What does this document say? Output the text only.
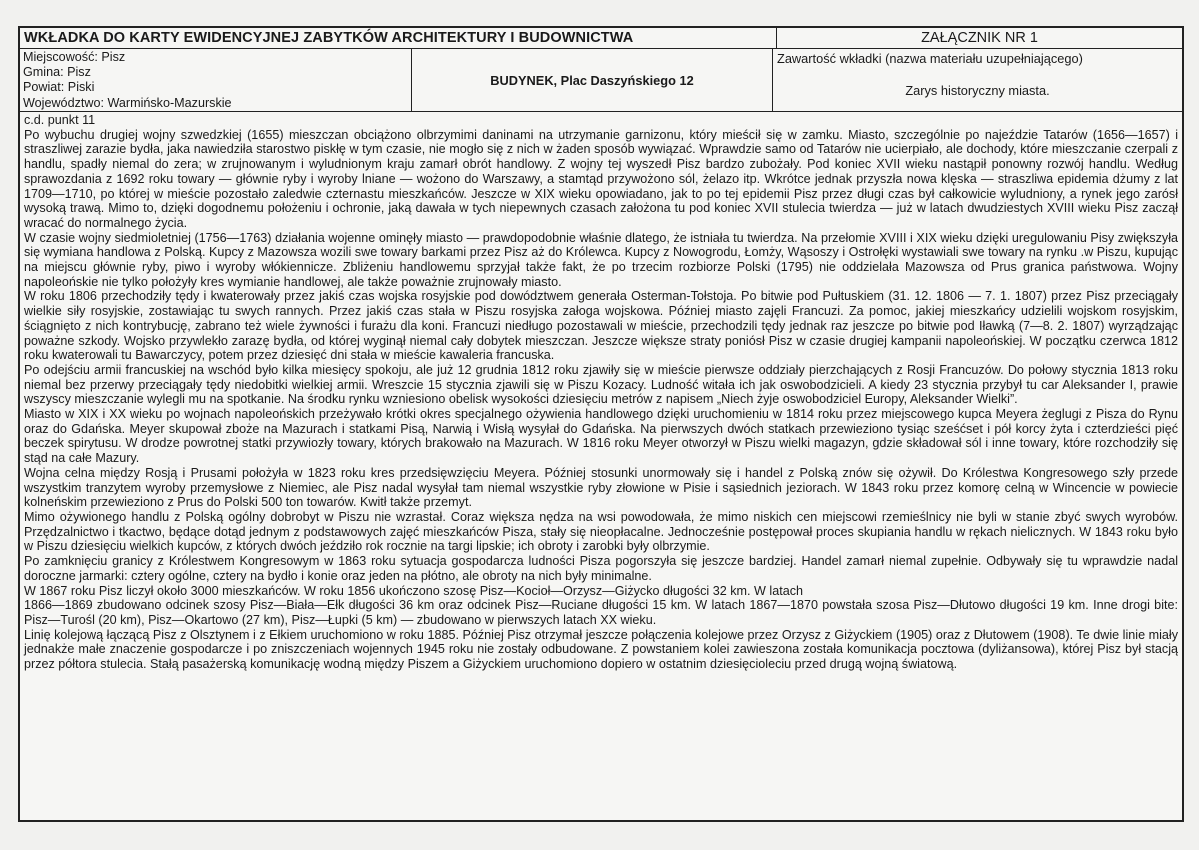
WKŁADKA DO KARTY EWIDENCYJNEJ ZABYTKÓW ARCHITEKTURY I BUDOWNICTWA	ZAŁĄCZNIK NR 1
Miejscowość: Pisz
Gmina: Pisz
Powiat: Piski
Województwo: Warmińsko-Mazurskie
BUDYNEK, Plac Daszyńskiego 12
Zawartość wkładki (nazwa materiału uzupełniającego)
Zarys historyczny miasta.

c.d. punkt 11

Po wybuchu drugiej wojny szwedzkiej (1655) mieszczan obciążono olbrzymimi daninami na utrzymanie garnizonu, który mieścił się w zamku. Miasto, szczególnie po najeździe Tatarów (1656—1657) i straszliwej zarazie bydła, jaka nawiedziła starostwo piskłę w tym czasie, nie mogło się z nich w żaden sposób wywiązać. Wprawdzie samo od Tatarów nie ucierpiało, ale dochody, które mieszczanie czerpali z handlu, spadły niemal do zera; w zrujnowanym i wyludnionym kraju zamarł obrót handlowy. Z wojny tej wyszedł Pisz bardzo zubożały. Pod koniec XVII wieku nastąpił ponowny rozwój handlu. Według sprawozdania z 1692 roku towary — głównie ryby i wyroby lniane — wożono do Warszawy, a stamtąd przywożono sól, żelazo itp. Wkrótce jednak przyszła nowa klęska — straszliwa epidemia dżumy z lat 1709—1710, po której w mieście pozostało zaledwie czternastu mieszkańców. Jeszcze w XIX wieku opowiadano, jak to po tej epidemii Pisz przez długi czas był całkowicie wyludniony, a rynek jego zarósł wysoką trawą. Mimo to, dzięki dogodnemu położeniu i ochronie, jaką dawała w tych niepewnych czasach założona tu pod koniec XVII stulecia twierdza — już w latach dwudziestych XVIII wieku Pisz zaczął wracać do normalnego życia.

W czasie wojny siedmioletniej (1756—1763) działania wojenne ominęły miasto — prawdopodobnie właśnie dlatego, że istniała tu twierdza. Na przełomie XVIII i XIX wieku dzięki uregulowaniu Pisy zwiększyła się wymiana handlowa z Polską. Kupcy z Mazowsza wozili swe towary barkami przez Pisz aż do Królewca. Kupcy z Nowogrodu, Łomży, Wąsoszy i Ostrołęki wystawiali swe towary na rynku .w Piszu, kupując na miejscu głównie ryby, piwo i wyroby włókiennicze. Zbliżeniu handlowemu sprzyjał także fakt, że po trzecim rozbiorze Polski (1795) nie oddzielała Mazowsza od Prus granica państwowa. Wojny napoleońskie nie tylko położyły kres wymianie handlowej, ale także poważnie zrujnowały miasto.

W roku 1806 przechodziły tędy i kwaterowały przez jakiś czas wojska rosyjskie pod dowództwem generała Osterman-Tołstoja. Po bitwie pod Pułtuskiem (31. 12. 1806 — 7. 1. 1807) przez Pisz przeciągały wielkie siły rosyjskie, zostawiając tu swych rannych. Przez jakiś czas stała w Piszu rosyjska załoga wojskowa. Później miasto zajęli Francuzi. Za pomoc, jakiej mieszkańcy udzielili wojskom rosyjskim, ściągnięto z nich kontrybucję, zabrano też wiele żywności i furażu dla koni. Francuzi niedługo pozostawali w mieście, przechodzili tędy jednak raz jeszcze po bitwie pod Iławką (7—8. 2. 1807) wyrządzając poważne szkody. Wojsko przywlekło zarazę bydła, od której wyginął niemal cały dobytek mieszczan. Jeszcze większe straty poniósł Pisz w czasie drugiej kampanii napoleońskiej. W początku czerwca 1812 roku kwaterowali tu Bawarczycy, potem przez dziesięć dni stała w mieście kawaleria francuska.

Po odejściu armii francuskiej na wschód było kilka miesięcy spokoju, ale już 12 grudnia 1812 roku zjawiły się w mieście pierwsze oddziały pierzchających z Rosji Francuzów. Do połowy stycznia 1813 roku niemal bez przerwy przeciągały tędy niedobitki wielkiej armii. Wreszcie 15 stycznia zjawili się w Piszu Kozacy. Ludność witała ich jak oswobodzicieli. A kiedy 23 stycznia przybył tu car Aleksander I, prawie wszyscy mieszczanie wylegli mu na spotkanie. Na środku rynku wzniesiono obelisk wysokości dziesięciu metrów z napisem „Niech żyje oswobodziciel Europy, Aleksander Wielki”.

Miasto w XIX i XX wieku po wojnach napoleońskich przeżywało krótki okres specjalnego ożywienia handlowego dzięki uruchomieniu w 1814 roku przez miejscowego kupca Meyera żeglugi z Pisza do Rynu oraz do Gdańska. Meyer skupował zboże na Mazurach i statkami Pisą, Narwią i Wisłą wysyłał do Gdańska. Na pierwszych dwóch statkach przewieziono tysiąc sześćset i pół korcy żyta i czterdzieści pięć beczek spirytusu. W drodze powrotnej statki przywiozły towary, których brakowało na Mazurach. W 1816 roku Meyer otworzył w Piszu wielki magazyn, gdzie składował sól i inne towary, które rozchodziły się stąd na całe Mazury.

Wojna celna między Rosją i Prusami położyła w 1823 roku kres przedsięwzięciu Meyera. Później stosunki unormowały się i handel z Polską znów się ożywił. Do Królestwa Kongresowego szły przede wszystkim tranzytem wyroby przemysłowe z Niemiec, ale Pisz nadal wysyłał tam niemal wszystkie ryby złowione w Pisie i sąsiednich jeziorach. W 1843 roku przez komorę celną w Wincencie w powiecie kolneńskim przewieziono z Prus do Polski 500 ton towarów. Kwitł także przemyt.

Mimo ożywionego handlu z Polską ogólny dobrobyt w Piszu nie wzrastał. Coraz większa nędza na wsi powodowała, że mimo niskich cen miejscowi rzemieślnicy nie byli w stanie zbyć swych wyrobów. Przędzalnictwo i tkactwo, będące dotąd jednym z podstawowych zajęć mieszkańców Pisza, stały się nieopłacalne. Jednocześnie postępował proces skupiania handlu w rękach nielicznych. W 1843 roku było w Piszu dziesięciu wielkich kupców, z których dwóch jeździło rok rocznie na targi lipskie; ich obroty i zarobki były olbrzymie.

Po zamknięciu granicy z Królestwem Kongresowym w 1863 roku sytuacja gospodarcza ludności Pisza pogorszyła się jeszcze bardziej. Handel zamarł niemal zupełnie. Odbywały się tu wprawdzie nadal doroczne jarmarki: cztery ogólne, cztery na bydło i konie oraz jeden na płótno, ale obroty na nich były minimalne.

W 1867 roku Pisz liczył około 3000 mieszkańców. W roku 1856 ukończono szosę Pisz—Kocioł—Orzysz—Giżycko długości 32 km. W latach

1866—1869 zbudowano odcinek szosy Pisz—Biała—Ełk długości 36 km oraz odcinek Pisz—Ruciane długości 15 km. W latach 1867—1870 powstała szosa Pisz—Dłutowo długości 19 km. Inne drogi bite: Pisz—Turośl (20 km), Pisz—Okartowo (27 km), Pisz—Łupki (5 km) — zbudowano w pierwszych latach XX wieku.

Linię kolejową łączącą Pisz z Olsztynem i z Ełkiem uruchomiono w roku 1885. Później Pisz otrzymał jeszcze połączenia kolejowe przez Orzysz z Giżyckiem (1905) oraz z Dłutowem (1908). Te dwie linie miały jednakże małe znaczenie gospodarcze i po zniszczeniach wojennych 1945 roku nie zostały odbudowane. Z powstaniem kolei zawieszona została komunikacja pocztowa (dyliżansowa), której Pisz był stacją przez półtora stulecia. Stałą pasażerską komunikację wodną między Piszem a Giżyckiem uruchomiono dopiero w ostatnim dziesięcioleciu przed drugą wojną światową.
